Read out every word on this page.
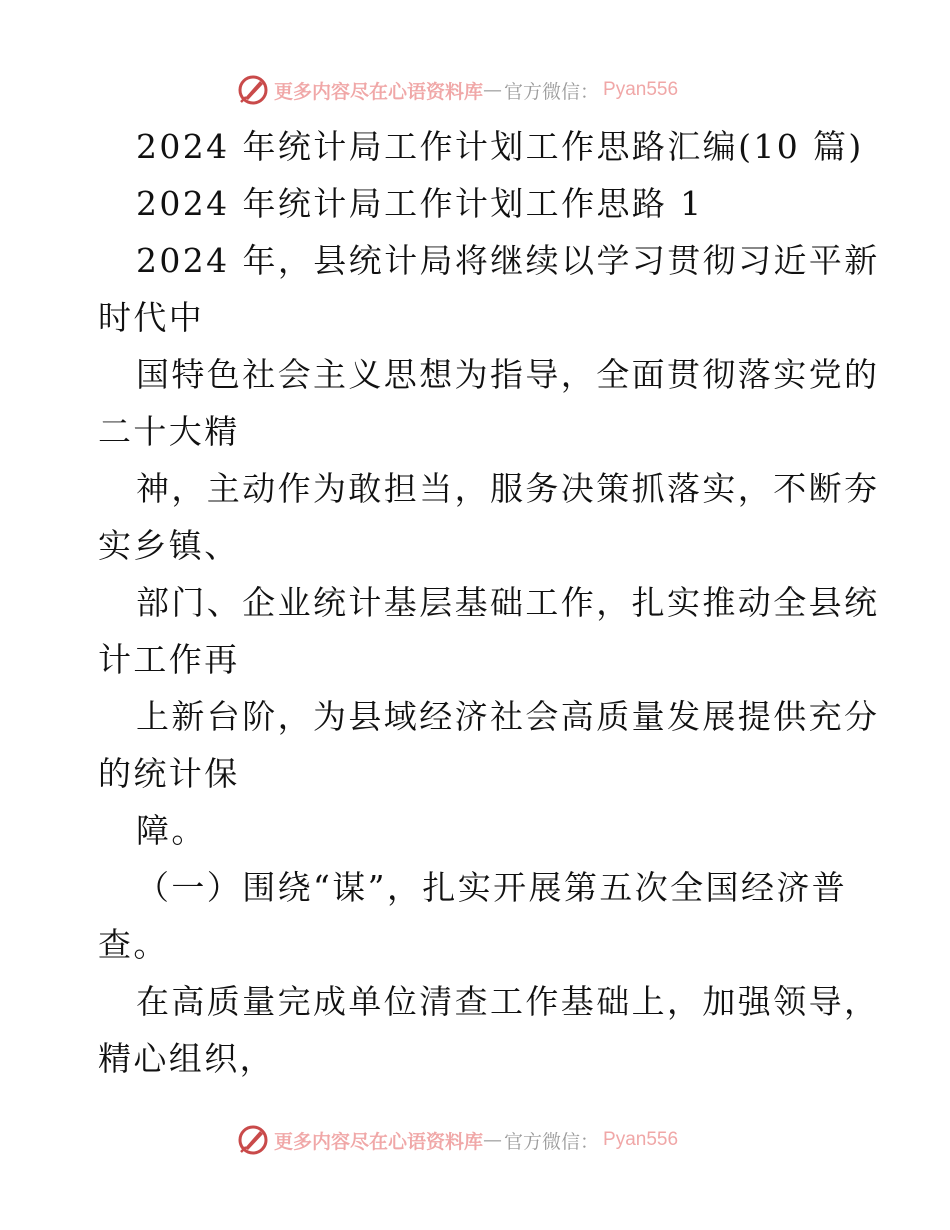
更多内容尽在心语资料库 — 官方微信： Pyan556
2024 年统计局工作计划工作思路汇编(10 篇)
2024 年统计局工作计划工作思路 1
2024 年，县统计局将继续以学习贯彻习近平新
时代中
国特色社会主义思想为指导，全面贯彻落实党的
二十大精
神，主动作为敢担当，服务决策抓落实，不断夯
实乡镇、
部门、企业统计基层基础工作，扎实推动全县统
计工作再
上新台阶，为县域经济社会高质量发展提供充分
的统计保
障。
（一）围绕“谋”，扎实开展第五次全国经济普
查。
在高质量完成单位清查工作基础上，加强领导，
精心组织，
更多内容尽在心语资料库 — 官方微信： Pyan556
